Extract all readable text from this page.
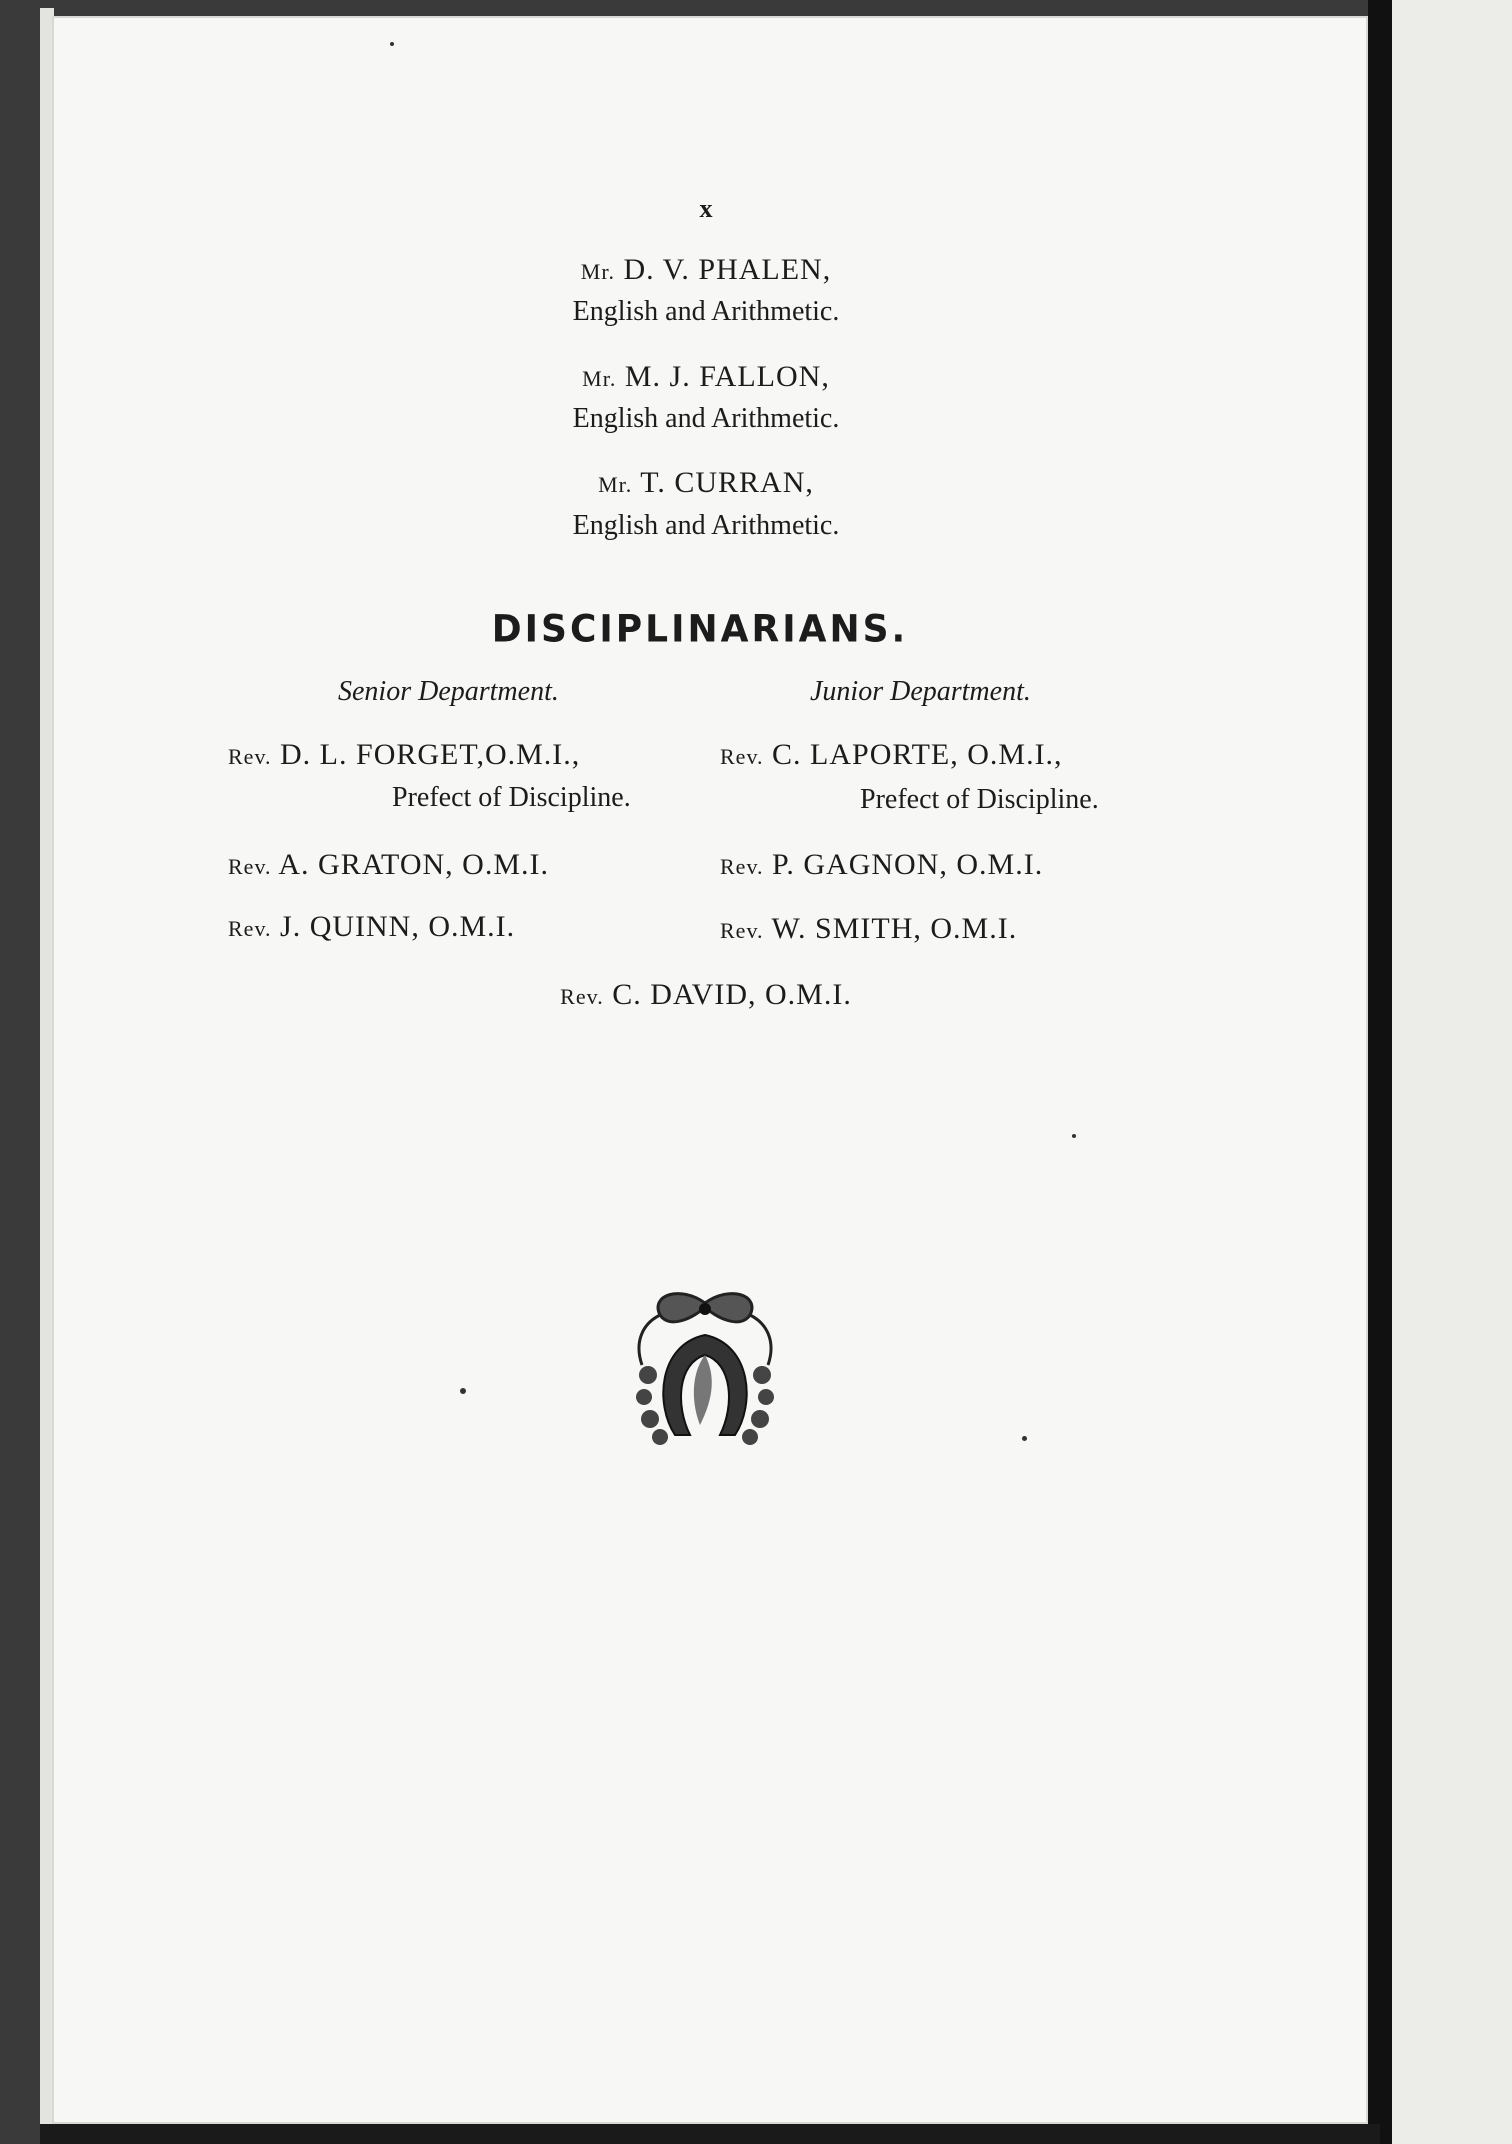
x
Mr. D. V. PHALEN,
English and Arithmetic.
Mr. M. J. FALLON,
English and Arithmetic.
Mr. T. CURRAN,
English and Arithmetic.
DISCIPLINARIANS.
Senior Department.	Junior Department.
Rev. D. L. FORGET,O.M.I.,
Prefect of Discipline.
Rev. A. GRATON, O.M.I.
Rev. J. QUINN, O.M.I.
Rev. C. LAPORTE, O.M.I.,
Prefect of Discipline.
Rev. P. GAGNON, O.M.I.
Rev. W. SMITH, O.M.I.
Rev. C. DAVID, O.M.I.
